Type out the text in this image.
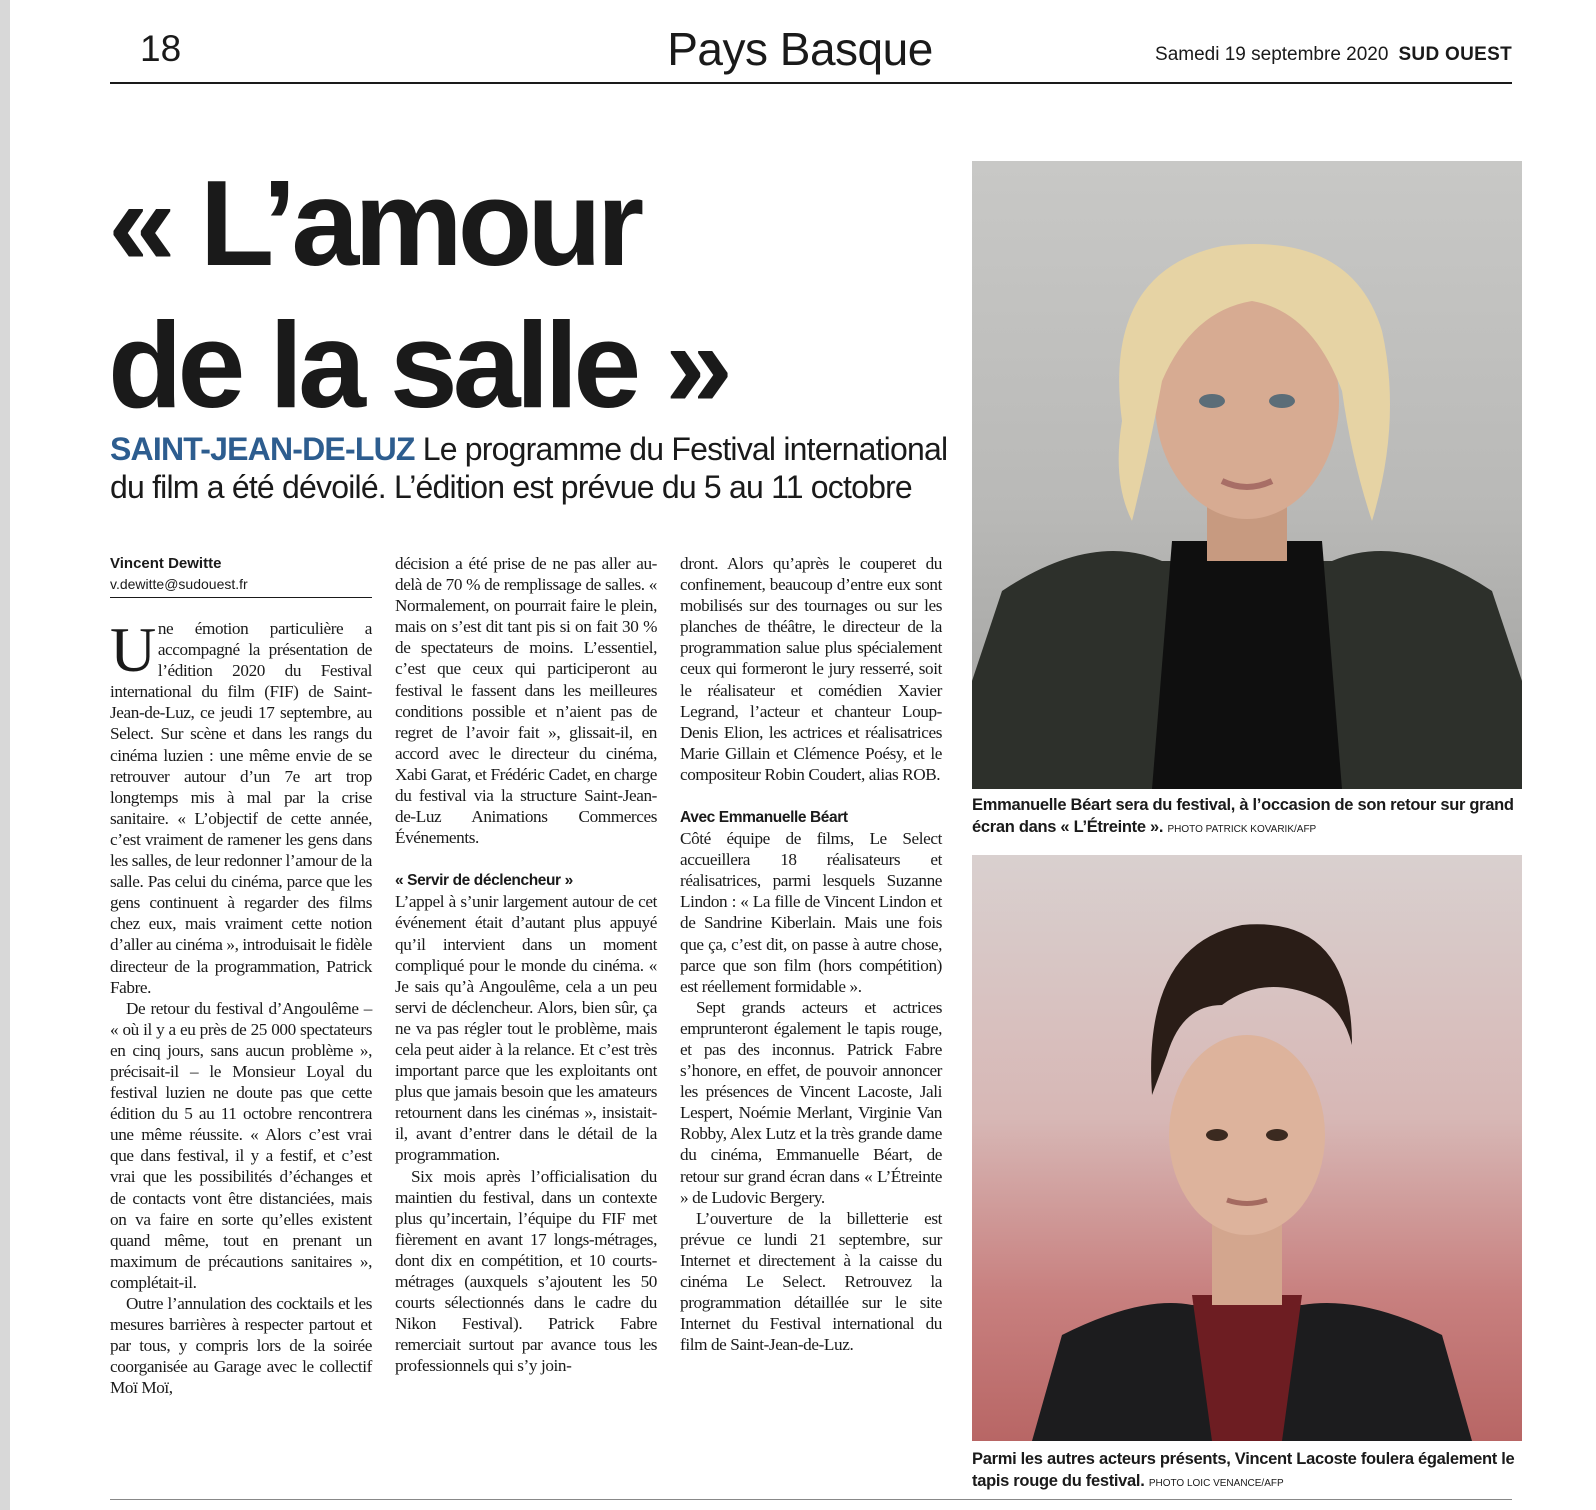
18	Pays Basque	Samedi 19 septembre 2020 SUD OUEST
« L’amour
de la salle »
SAINT-JEAN-DE-LUZ Le programme du Festival international du film a été dévoilé. L’édition est prévue du 5 au 11 octobre
Vincent Dewitte
v.dewitte@sudouest.fr

Une émotion particulière a accompagné la présentation de l’édition 2020 du Festival international du film (FIF) de Saint-Jean-de-Luz, ce jeudi 17 septembre, au Select. Sur scène et dans les rangs du cinéma luzien : une même envie de se retrouver autour d’un 7e art trop longtemps mis à mal par la crise sanitaire. « L’objectif de cette année, c’est vraiment de ramener les gens dans les salles, de leur redonner l’amour de la salle. Pas celui du cinéma, parce que les gens continuent à regarder des films chez eux, mais vraiment cette notion d’aller au cinéma », introduisait le fidèle directeur de la programmation, Patrick Fabre.

De retour du festival d’Angoulême – « où il y a eu près de 25 000 spectateurs en cinq jours, sans aucun problème », précisait-il – le Monsieur Loyal du festival luzien ne doute pas que cette édition du 5 au 11 octobre rencontrera une même réussite. « Alors c’est vrai que dans festival, il y a festif, et c’est vrai que les possibilités d’échanges et de contacts vont être distanciées, mais on va faire en sorte qu’elles existent quand même, tout en prenant un maximum de précautions sanitaires », complétait-il.

Outre l’annulation des cocktails et les mesures barrières à respecter partout et par tous, y compris lors de la soirée coorganisée au Garage avec le collectif Moï Moï,

décision a été prise de ne pas aller au-delà de 70 % de remplissage de salles. « Normalement, on pourrait faire le plein, mais on s’est dit tant pis si on fait 30 % de spectateurs de moins. L’essentiel, c’est que ceux qui participeront au festival le fassent dans les meilleures conditions possible et n’aient pas de regret de l’avoir fait », glissait-il, en accord avec le directeur du cinéma, Xabi Garat, et Frédéric Cadet, en charge du festival via la structure Saint-Jean-de-Luz Animations Commerces Événements.

« Servir de déclencheur »

L’appel à s’unir largement autour de cet événement était d’autant plus appuyé qu’il intervient dans un moment compliqué pour le monde du cinéma. « Je sais qu’à Angoulême, cela a un peu servi de déclencheur. Alors, bien sûr, ça ne va pas régler tout le problème, mais cela peut aider à la relance. Et c’est très important parce que les exploitants ont plus que jamais besoin que les amateurs retournent dans les cinémas », insistait-il, avant d’entrer dans le détail de la programmation.

Six mois après l’officialisation du maintien du festival, dans un contexte plus qu’incertain, l’équipe du FIF met fièrement en avant 17 longs-métrages, dont dix en compétition, et 10 courts-métrages (auxquels s’ajoutent les 50 courts sélectionnés dans le cadre du Nikon Festival). Patrick Fabre remerciait surtout par avance tous les professionnels qui s’y join-

dront. Alors qu’après le couperet du confinement, beaucoup d’entre eux sont mobilisés sur des tournages ou sur les planches de théâtre, le directeur de la programmation salue plus spécialement ceux qui formeront le jury resserré, soit le réalisateur et comédien Xavier Legrand, l’acteur et chanteur Loup-Denis Elion, les actrices et réalisatrices Marie Gillain et Clémence Poésy, et le compositeur Robin Coudert, alias ROB.

Avec Emmanuelle Béart

Côté équipe de films, Le Select accueillera 18 réalisateurs et réalisatrices, parmi lesquels Suzanne Lindon : « La fille de Vincent Lindon et de Sandrine Kiberlain. Mais une fois que ça, c’est dit, on passe à autre chose, parce que son film (hors compétition) est réellement formidable ».

Sept grands acteurs et actrices emprunteront également le tapis rouge, et pas des inconnus. Patrick Fabre s’honore, en effet, de pouvoir annoncer les présences de Vincent Lacoste, Jali Lespert, Noémie Merlant, Virginie Van Robby, Alex Lutz et la très grande dame du cinéma, Emmanuelle Béart, de retour sur grand écran dans « L’Étreinte » de Ludovic Bergery.

L’ouverture de la billetterie est prévue ce lundi 21 septembre, sur Internet et directement à la caisse du cinéma Le Select. Retrouvez la programmation détaillée sur le site Internet du Festival international du film de Saint-Jean-de-Luz.

Emmanuelle Béart sera du festival, à l’occasion de son retour sur grand écran dans « L’Étreinte ». PHOTO PATRICK KOVARIK/AFP
Parmi les autres acteurs présents, Vincent Lacoste foulera également le tapis rouge du festival. PHOTO LOIC VENANCE/AFP
